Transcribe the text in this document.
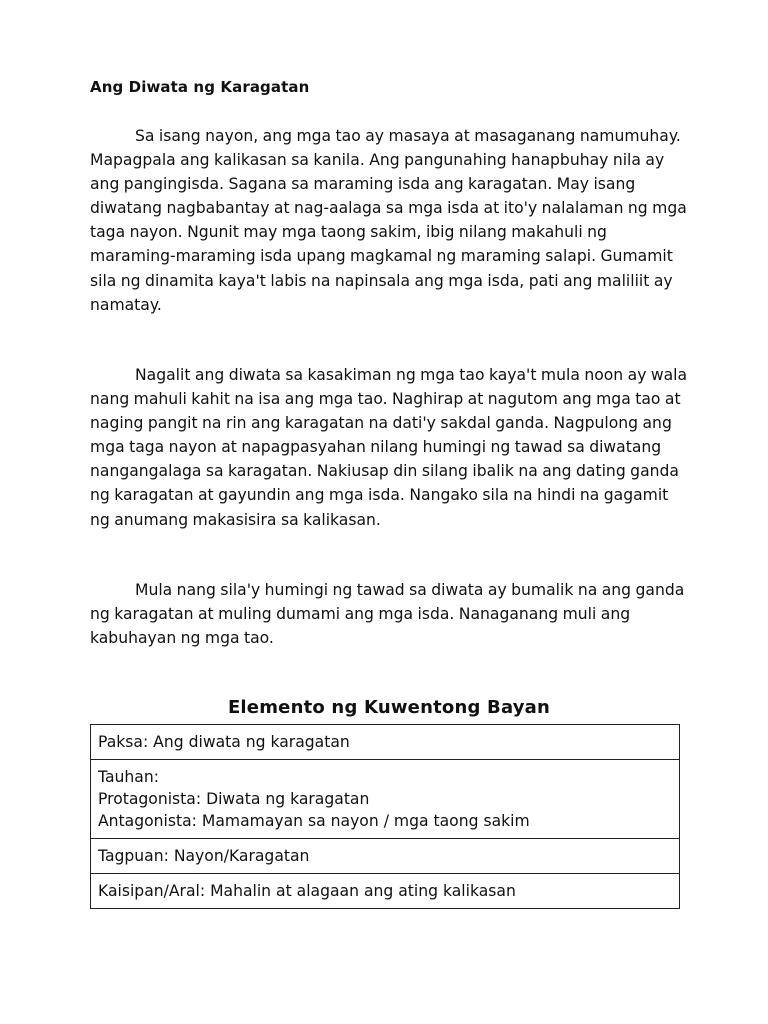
Ang Diwata ng Karagatan

Sa isang nayon, ang mga tao ay masaya at masaganang namumuhay. Mapagpala ang kalikasan sa kanila. Ang pangunahing hanapbuhay nila ay ang pangingisda. Sagana sa maraming isda ang karagatan. May isang diwatang nagbabantay at nag-aalaga sa mga isda at ito'y nalalaman ng mga taga nayon. Ngunit may mga taong sakim, ibig nilang makahuli ng maraming-maraming isda upang magkamal ng maraming salapi. Gumamit sila ng dinamita kaya't labis na napinsala ang mga isda, pati ang maliliit ay namatay.

Nagalit ang diwata sa kasakiman ng mga tao kaya't mula noon ay wala nang mahuli kahit na isa ang mga tao. Naghirap at nagutom ang mga tao at naging pangit na rin ang karagatan na dati'y sakdal ganda. Nagpulong ang mga taga nayon at napagpasyahan nilang humingi ng tawad sa diwatang nangangalaga sa karagatan. Nakiusap din silang ibalik na ang dating ganda ng karagatan at gayundin ang mga isda. Nangako sila na hindi na gagamit ng anumang makasisira sa kalikasan.

Mula nang sila'y humingi ng tawad sa diwata ay bumalik na ang ganda ng karagatan at muling dumami ang mga isda. Nanaganang muli ang kabuhayan ng mga tao.

Elemento ng Kuwentong Bayan
Paksa: Ang diwata ng karagatan
Tauhan:
Protagonista: Diwata ng karagatan
Antagonista: Mamamayan sa nayon / mga taong sakim
Tagpuan: Nayon/Karagatan
Kaisipan/Aral: Mahalin at alagaan ang ating kalikasan
